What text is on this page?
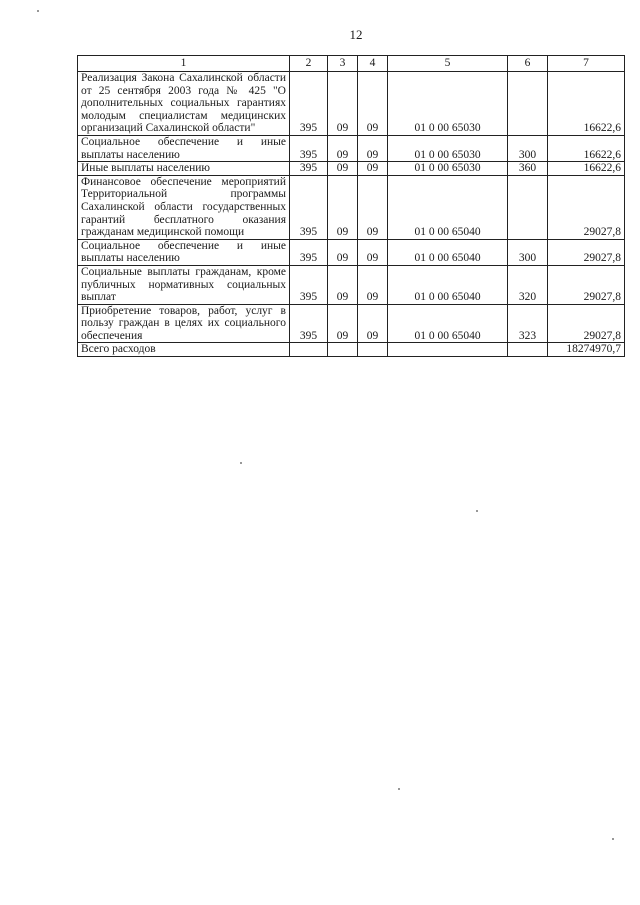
12
1	2	3	4	5	6	7
Реализация Закона Сахалинской области от 25 сентября 2003 года № 425 "О дополнительных социальных гарантиях молодым специалистам медицинских организаций Сахалинской области"	395	09	09	01 0 00 65030		16622,6
Социальное обеспечение и иные выплаты населению	395	09	09	01 0 00 65030	300	16622,6
Иные выплаты населению	395	09	09	01 0 00 65030	360	16622,6
Финансовое обеспечение мероприятий Территориальной программы Сахалинской области государственных гарантий бесплатного оказания гражданам медицинской помощи	395	09	09	01 0 00 65040		29027,8
Социальное обеспечение и иные выплаты населению	395	09	09	01 0 00 65040	300	29027,8
Социальные выплаты гражданам, кроме публичных нормативных социальных выплат	395	09	09	01 0 00 65040	320	29027,8
Приобретение товаров, работ, услуг в пользу граждан в целях их социального обеспечения	395	09	09	01 0 00 65040	323	29027,8
Всего расходов						18274970,7
